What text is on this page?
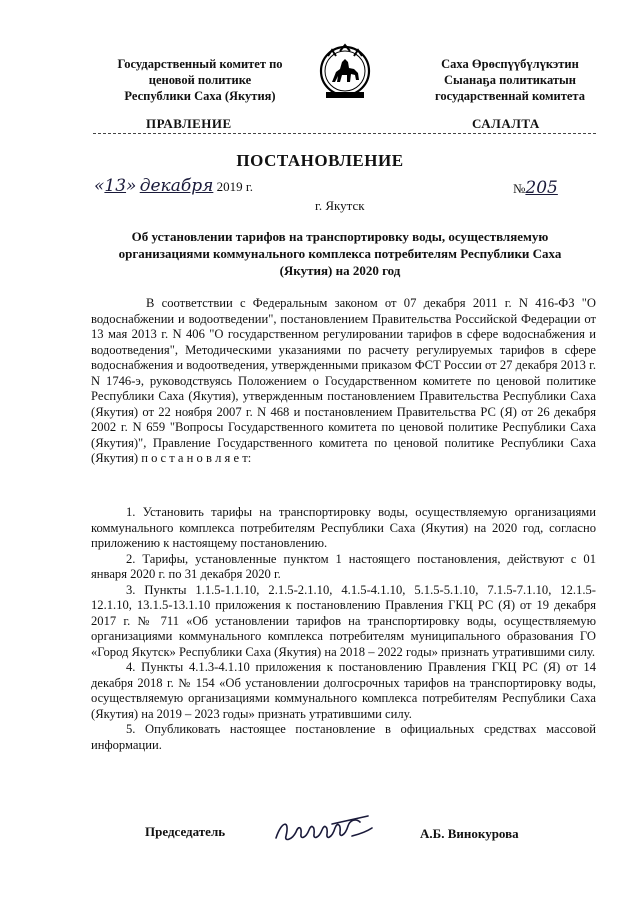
Государственный комитет по
ценовой политике
Республики Саха (Якутия)
Саха Өрөспүүбүлүкэтин
Сыанаҕа политикатын
государственнай комитета
ПРАВЛЕНИЕ	САЛАЛТА
ПОСТАНОВЛЕНИЕ
«13» декабря 2019 г.	№205
г. Якутск
Об установлении тарифов на транспортировку воды, осуществляемую
организациями коммунального комплекса потребителям Республики Саха
(Якутия) на 2020 год

В соответствии с Федеральным законом от 07 декабря 2011 г. N 416-ФЗ "О водоснабжении и водоотведении", постановлением Правительства Российской Федерации от 13 мая 2013 г. N 406 "О государственном регулировании тарифов в сфере водоснабжения и водоотведения", Методическими указаниями по расчету регулируемых тарифов в сфере водоснабжения и водоотведения, утвержденными приказом ФСТ России от 27 декабря 2013 г. N 1746-э, руководствуясь Положением о Государственном комитете по ценовой политике Республики Саха (Якутия), утвержденным постановлением Правительства Республики Саха (Якутия) от 22 ноября 2007 г. N 468 и постановлением Правительства РС (Я) от 26 декабря 2002 г. N 659 "Вопросы Государственного комитета по ценовой политике Республики Саха (Якутия)", Правление Государственного комитета по ценовой политике Республики Саха (Якутия) п о с т а н о в л я е т:

1. Установить тарифы на транспортировку воды, осуществляемую организациями коммунального комплекса потребителям Республики Саха (Якутия) на 2020 год, согласно приложению к настоящему постановлению.

2. Тарифы, установленные пунктом 1 настоящего постановления, действуют с 01 января 2020 г. по 31 декабря 2020 г.

3. Пункты 1.1.5-1.1.10, 2.1.5-2.1.10, 4.1.5-4.1.10, 5.1.5-5.1.10, 7.1.5-7.1.10, 12.1.5-12.1.10, 13.1.5-13.1.10 приложения к постановлению Правления ГКЦ РС (Я) от 19 декабря 2017 г. № 711 «Об установлении тарифов на транспортировку воды, осуществляемую организациями коммунального комплекса потребителям муниципального образования ГО «Город Якутск» Республики Саха (Якутия) на 2018 – 2022 годы» признать утратившими силу.

4. Пункты 4.1.3-4.1.10 приложения к постановлению Правления ГКЦ РС (Я) от 14 декабря 2018 г. № 154 «Об установлении долгосрочных тарифов на транспортировку воды, осуществляемую организациями коммунального комплекса потребителям Республики Саха (Якутия) на 2019 – 2023 годы» признать утратившими силу.

5. Опубликовать настоящее постановление в официальных средствах массовой информации.

Председатель	А.Б. Винокурова
